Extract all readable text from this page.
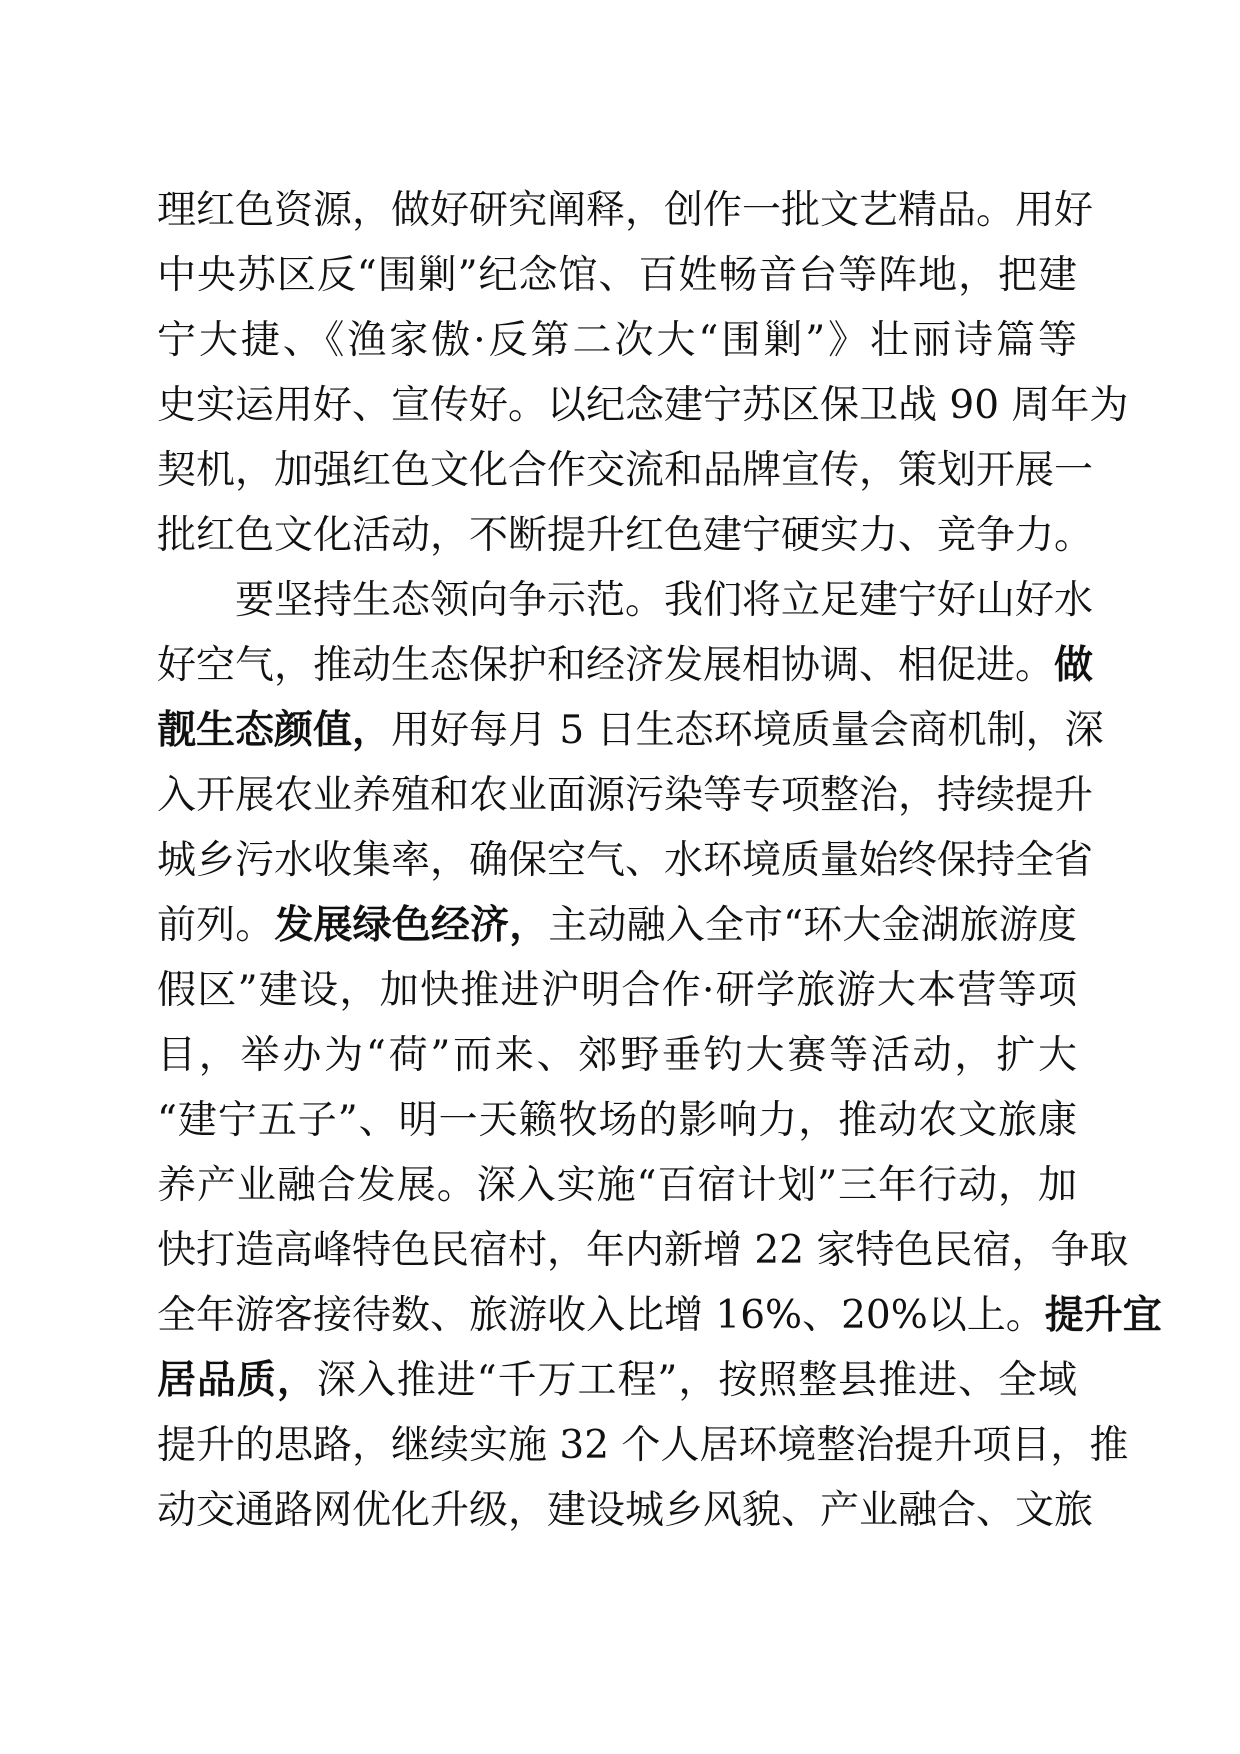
理红色资源，做好研究阐释，创作一批文艺精品。用好
中央苏区反“围剿”纪念馆、百姓畅音台等阵地，把建
宁大捷、《渔家傲·反第二次大“围剿”》壮丽诗篇等
史实运用好、宣传好。以纪念建宁苏区保卫战 90 周年为
契机，加强红色文化合作交流和品牌宣传，策划开展一
批红色文化活动，不断提升红色建宁硬实力、竞争力。
要坚持生态领向争示范。我们将立足建宁好山好水
好空气，推动生态保护和经济发展相协调、相促进。做
靓生态颜值，用好每月 5 日生态环境质量会商机制，深
入开展农业养殖和农业面源污染等专项整治，持续提升
城乡污水收集率，确保空气、水环境质量始终保持全省
前列。发展绿色经济，主动融入全市“环大金湖旅游度
假区”建设，加快推进沪明合作·研学旅游大本营等项
目，举办为“荷”而来、郊野垂钓大赛等活动，扩大
“建宁五子”、明一天籁牧场的影响力，推动农文旅康
养产业融合发展。深入实施“百宿计划”三年行动，加
快打造高峰特色民宿村，年内新增 22 家特色民宿，争取
全年游客接待数、旅游收入比增 16%、20%以上。提升宜
居品质，深入推进“千万工程”，按照整县推进、全域
提升的思路，继续实施 32 个人居环境整治提升项目，推
动交通路网优化升级，建设城乡风貌、产业融合、文旅
